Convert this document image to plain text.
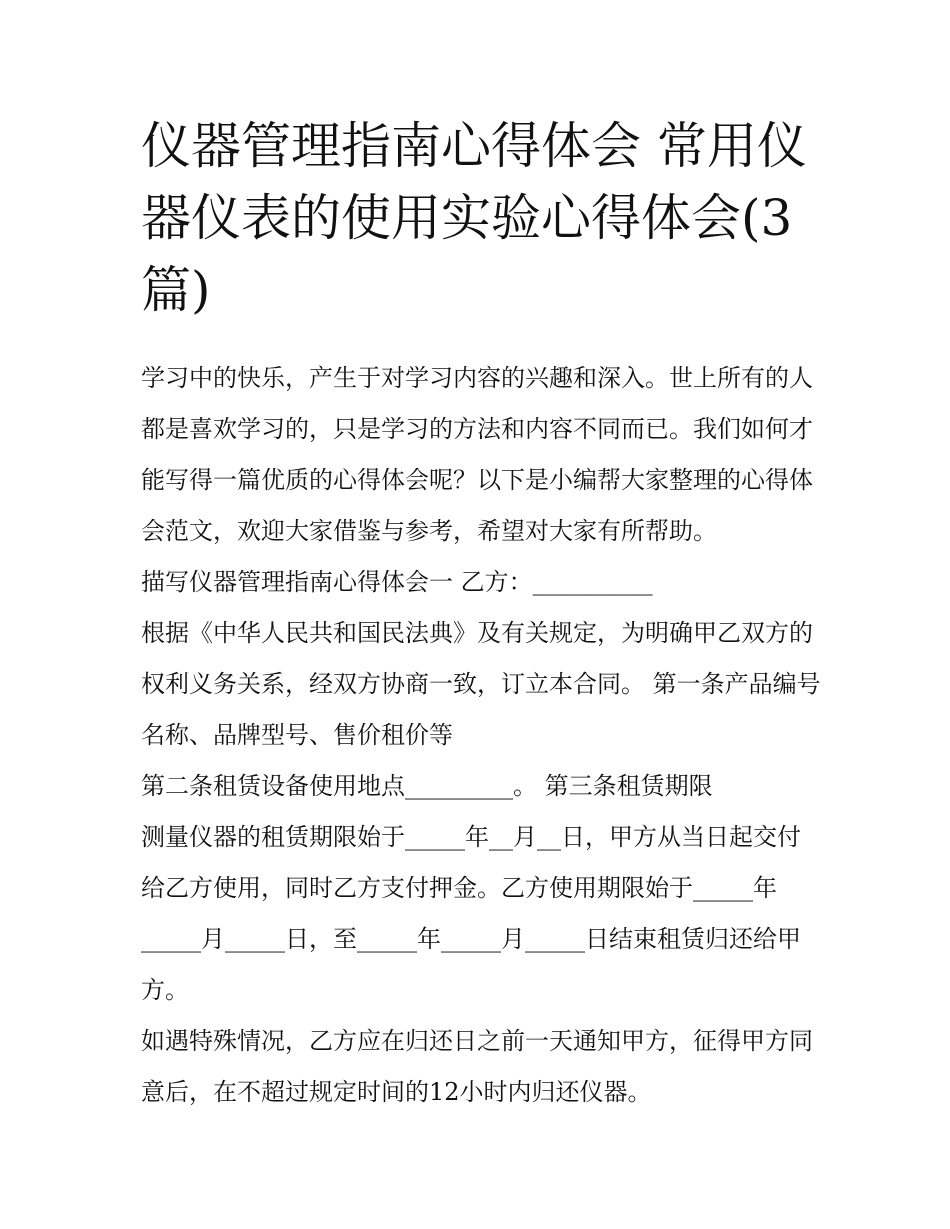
仪器管理指南心得体会 常用仪器仪表的使用实验心得体会(3篇)

学习中的快乐，产生于对学习内容的兴趣和深入。世上所有的人都是喜欢学习的，只是学习的方法和内容不同而已。我们如何才能写得一篇优质的心得体会呢？以下是小编帮大家整理的心得体会范文，欢迎大家借鉴与参考，希望对大家有所帮助。

描写仪器管理指南心得体会一 乙方：__________

根据《中华人民共和国民法典》及有关规定，为明确甲乙双方的权利义务关系，经双方协商一致，订立本合同。 第一条产品编号名称、品牌型号、售价租价等

第二条租赁设备使用地点_________。 第三条租赁期限

测量仪器的租赁期限始于_____年__月__日，甲方从当日起交付给乙方使用，同时乙方支付押金。乙方使用期限始于_____年_____月_____日，至_____年_____月_____日结束租赁归还给甲方。

如遇特殊情况，乙方应在归还日之前一天通知甲方，征得甲方同意后，在不超过规定时间的12小时内归还仪器。
